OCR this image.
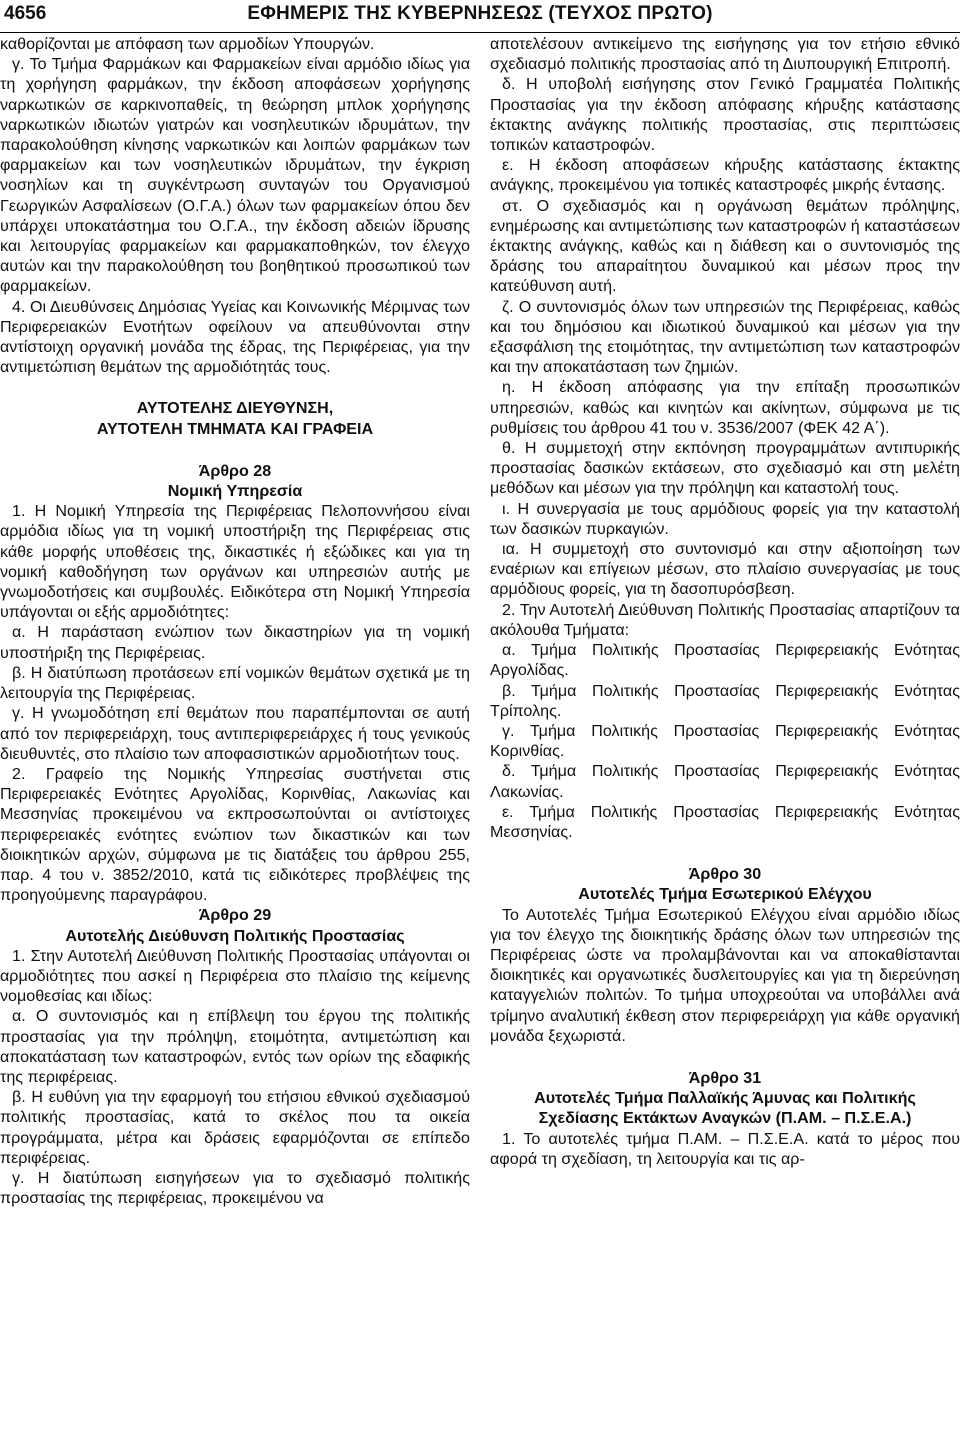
4656	ΕΦΗΜΕΡΙΣ ΤΗΣ ΚΥΒΕΡΝΗΣΕΩΣ (ΤΕΥΧΟΣ ΠΡΩΤΟ)

καθορίζονται με απόφαση των αρμοδίων Υπουργών.

γ. Το Τμήμα Φαρμάκων και Φαρμακείων είναι αρμόδιο ιδίως για τη χορήγηση φαρμάκων, την έκδοση αποφάσεων χορήγησης ναρκωτικών σε καρκινοπαθείς, τη θεώρηση μπλοκ χορήγησης ναρκωτικών ιδιωτών γιατρών και νοσηλευτικών ιδρυμάτων, την παρακολούθηση κίνησης ναρκωτικών και λοιπών φαρμάκων των φαρμακείων και των νοσηλευτικών ιδρυμάτων, την έγκριση νοσηλίων και τη συγκέντρωση συνταγών του Οργανισμού Γεωργικών Ασφαλίσεων (Ο.Γ.Α.) όλων των φαρμακείων όπου δεν υπάρχει υποκατάστημα του Ο.Γ.Α., την έκδοση αδειών ίδρυσης και λειτουργίας φαρμακείων και φαρμακαποθηκών, τον έλεγχο αυτών και την παρακολούθηση του βοηθητικού προσωπικού των φαρμακείων.

4. Οι Διευθύνσεις Δημόσιας Υγείας και Κοινωνικής Μέριμνας των Περιφερειακών Ενοτήτων οφείλουν να απευθύνονται στην αντίστοιχη οργανική μονάδα της έδρας, της Περιφέρειας, για την αντιμετώπιση θεμάτων της αρμοδιότητάς τους.

ΑΥΤΟΤΕΛΗΣ ΔΙΕΥΘΥΝΣΗ,

ΑΥΤΟΤΕΛΗ ΤΜΗΜΑΤΑ ΚΑΙ ΓΡΑΦΕΙΑ

Άρθρο 28

Νομική Υπηρεσία

1. Η Νομική Υπηρεσία της Περιφέρειας Πελοποννήσου είναι αρμόδια ιδίως για τη νομική υποστήριξη της Περιφέρειας στις κάθε μορφής υποθέσεις της, δικαστικές ή εξώδικες και για τη νομική καθοδήγηση των οργάνων και υπηρεσιών αυτής με γνωμοδοτήσεις και συμβουλές. Ειδικότερα στη Νομική Υπηρεσία υπάγονται οι εξής αρμοδιότητες:

α. Η παράσταση ενώπιον των δικαστηρίων για τη νομική υποστήριξη της Περιφέρειας.

β. Η διατύπωση προτάσεων επί νομικών θεμάτων σχετικά με τη λειτουργία της Περιφέρειας.

γ. Η γνωμοδότηση επί θεμάτων που παραπέμπονται σε αυτή από τον περιφερειάρχη, τους αντιπεριφερειάρχες ή τους γενικούς διευθυντές, στο πλαίσιο των αποφασιστικών αρμοδιοτήτων τους.

2. Γραφείο της Νομικής Υπηρεσίας συστήνεται στις Περιφερειακές Ενότητες Αργολίδας, Κορινθίας, Λακωνίας και Μεσσηνίας προκειμένου να εκπροσωπούνται οι αντίστοιχες περιφερειακές ενότητες ενώπιον των δικαστικών και των διοικητικών αρχών, σύμφωνα με τις διατάξεις του άρθρου 255, παρ. 4 του ν. 3852/2010, κατά τις ειδικότερες προβλέψεις της προηγούμενης παραγράφου.

Άρθρο 29

Αυτοτελής Διεύθυνση Πολιτικής Προστασίας

1. Στην Αυτοτελή Διεύθυνση Πολιτικής Προστασίας υπάγονται οι αρμοδιότητες που ασκεί η Περιφέρεια στο πλαίσιο της κείμενης νομοθεσίας και ιδίως:

α. Ο συντονισμός και η επίβλεψη του έργου της πολιτικής προστασίας για την πρόληψη, ετοιμότητα, αντιμετώπιση και αποκατάσταση των καταστροφών, εντός των ορίων της εδαφικής της περιφέρειας.

β. Η ευθύνη για την εφαρμογή του ετήσιου εθνικού σχεδιασμού πολιτικής προστασίας, κατά το σκέλος που τα οικεία προγράμματα, μέτρα και δράσεις εφαρμόζονται σε επίπεδο περιφέρειας.

γ. Η διατύπωση εισηγήσεων για το σχεδιασμό πολιτικής προστασίας της περιφέρειας, προκειμένου να

αποτελέσουν αντικείμενο της εισήγησης για τον ετήσιο εθνικό σχεδιασμό πολιτικής προστασίας από τη Διυπουργική Επιτροπή.

δ. Η υποβολή εισήγησης στον Γενικό Γραμματέα Πολιτικής Προστασίας για την έκδοση απόφασης κήρυξης κατάστασης έκτακτης ανάγκης πολιτικής προστασίας, στις περιπτώσεις τοπικών καταστροφών.

ε. Η έκδοση αποφάσεων κήρυξης κατάστασης έκτακτης ανάγκης, προκειμένου για τοπικές καταστροφές μικρής έντασης.

στ. Ο σχεδιασμός και η οργάνωση θεμάτων πρόληψης, ενημέρωσης και αντιμετώπισης των καταστροφών ή καταστάσεων έκτακτης ανάγκης, καθώς και η διάθεση και ο συντονισμός της δράσης του απαραίτητου δυναμικού και μέσων προς την κατεύθυνση αυτή.

ζ. Ο συντονισμός όλων των υπηρεσιών της Περιφέρειας, καθώς και του δημόσιου και ιδιωτικού δυναμικού και μέσων για την εξασφάλιση της ετοιμότητας, την αντιμετώπιση των καταστροφών και την αποκατάσταση των ζημιών.

η. Η έκδοση απόφασης για την επίταξη προσωπικών υπηρεσιών, καθώς και κινητών και ακίνητων, σύμφωνα με τις ρυθμίσεις του άρθρου 41 του ν. 3536/2007 (ΦΕΚ 42 Α΄).

θ. Η συμμετοχή στην εκπόνηση προγραμμάτων αντιπυρικής προστασίας δασικών εκτάσεων, στο σχεδιασμό και στη μελέτη μεθόδων και μέσων για την πρόληψη και καταστολή τους.

ι. Η συνεργασία με τους αρμόδιους φορείς για την καταστολή των δασικών πυρκαγιών.

ια. Η συμμετοχή στο συντονισμό και στην αξιοποίηση των εναέριων και επίγειων μέσων, στο πλαίσιο συνεργασίας με τους αρμόδιους φορείς, για τη δασοπυρόσβεση.

2. Την Αυτοτελή Διεύθυνση Πολιτικής Προστασίας απαρτίζουν τα ακόλουθα Τμήματα:

α. Τμήμα Πολιτικής Προστασίας Περιφερειακής Ενότητας Αργολίδας.

β. Τμήμα Πολιτικής Προστασίας Περιφερειακής Ενότητας Τρίπολης.

γ. Τμήμα Πολιτικής Προστασίας Περιφερειακής Ενότητας Κορινθίας.

δ. Τμήμα Πολιτικής Προστασίας Περιφερειακής Ενότητας Λακωνίας.

ε. Τμήμα Πολιτικής Προστασίας Περιφερειακής Ενότητας Μεσσηνίας.

Άρθρο 30

Αυτοτελές Τμήμα Εσωτερικού Ελέγχου

Το Αυτοτελές Τμήμα Εσωτερικού Ελέγχου είναι αρμόδιο ιδίως για τον έλεγχο της διοικητικής δράσης όλων των υπηρεσιών της Περιφέρειας ώστε να προλαμβάνονται και να αποκαθίστανται διοικητικές και οργανωτικές δυσλειτουργίες και για τη διερεύνηση καταγγελιών πολιτών. Το τμήμα υποχρεούται να υποβάλλει ανά τρίμηνο αναλυτική έκθεση στον περιφερειάρχη για κάθε οργανική μονάδα ξεχωριστά.

Άρθρο 31

Αυτοτελές Τμήμα Παλλαϊκής Άμυνας και Πολιτικής

Σχεδίασης Εκτάκτων Αναγκών (Π.ΑΜ. – Π.Σ.Ε.Α.)

1. Το αυτοτελές τμήμα Π.ΑΜ. – Π.Σ.Ε.Α. κατά το μέρος που αφορά τη σχεδίαση, τη λειτουργία και τις αρ-
